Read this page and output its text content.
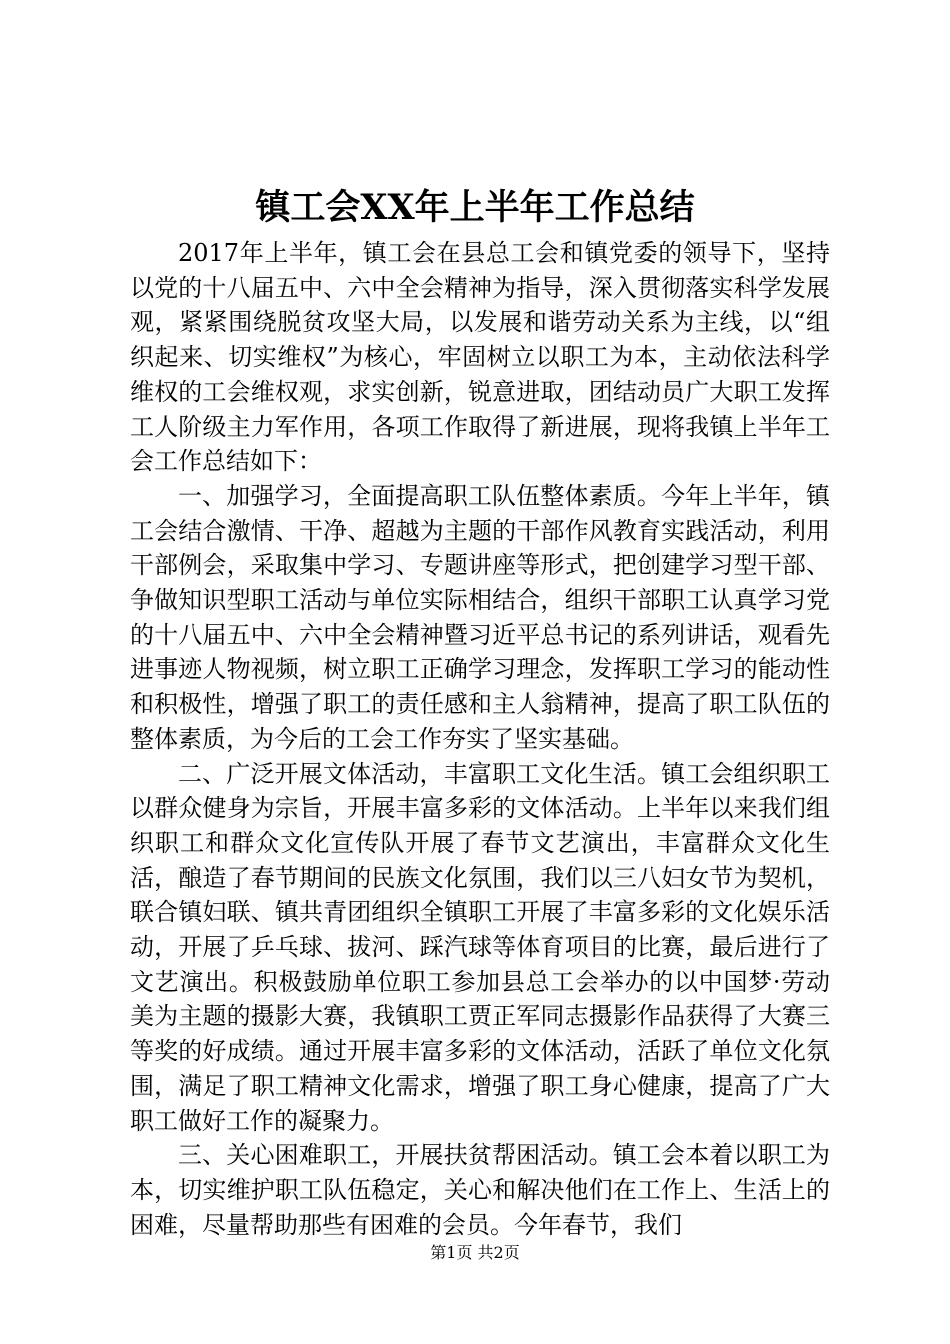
镇工会XX年上半年工作总结

2017年上半年，镇工会在县总工会和镇党委的领导下，坚持以党的十八届五中、六中全会精神为指导，深入贯彻落实科学发展观，紧紧围绕脱贫攻坚大局，以发展和谐劳动关系为主线，以“组织起来、切实维权”为核心，牢固树立以职工为本，主动依法科学维权的工会维权观，求实创新，锐意进取，团结动员广大职工发挥工人阶级主力军作用，各项工作取得了新进展，现将我镇上半年工会工作总结如下：

一、加强学习，全面提高职工队伍整体素质。今年上半年，镇工会结合激情、干净、超越为主题的干部作风教育实践活动，利用干部例会，采取集中学习、专题讲座等形式，把创建学习型干部、争做知识型职工活动与单位实际相结合，组织干部职工认真学习党的十八届五中、六中全会精神暨习近平总书记的系列讲话，观看先进事迹人物视频，树立职工正确学习理念，发挥职工学习的能动性和积极性，增强了职工的责任感和主人翁精神，提高了职工队伍的整体素质，为今后的工会工作夯实了坚实基础。

二、广泛开展文体活动，丰富职工文化生活。镇工会组织职工以群众健身为宗旨，开展丰富多彩的文体活动。上半年以来我们组织职工和群众文化宣传队开展了春节文艺演出，丰富群众文化生活，酿造了春节期间的民族文化氛围，我们以三八妇女节为契机，联合镇妇联、镇共青团组织全镇职工开展了丰富多彩的文化娱乐活动，开展了乒乓球、拔河、踩汽球等体育项目的比赛，最后进行了文艺演出。积极鼓励单位职工参加县总工会举办的以中国梦·劳动美为主题的摄影大赛，我镇职工贾正军同志摄影作品获得了大赛三等奖的好成绩。通过开展丰富多彩的文体活动，活跃了单位文化氛围，满足了职工精神文化需求，增强了职工身心健康，提高了广大职工做好工作的凝聚力。

三、关心困难职工，开展扶贫帮困活动。镇工会本着以职工为本，切实维护职工队伍稳定，关心和解决他们在工作上、生活上的困难，尽量帮助那些有困难的会员。今年春节，我们

第1页 共2页
